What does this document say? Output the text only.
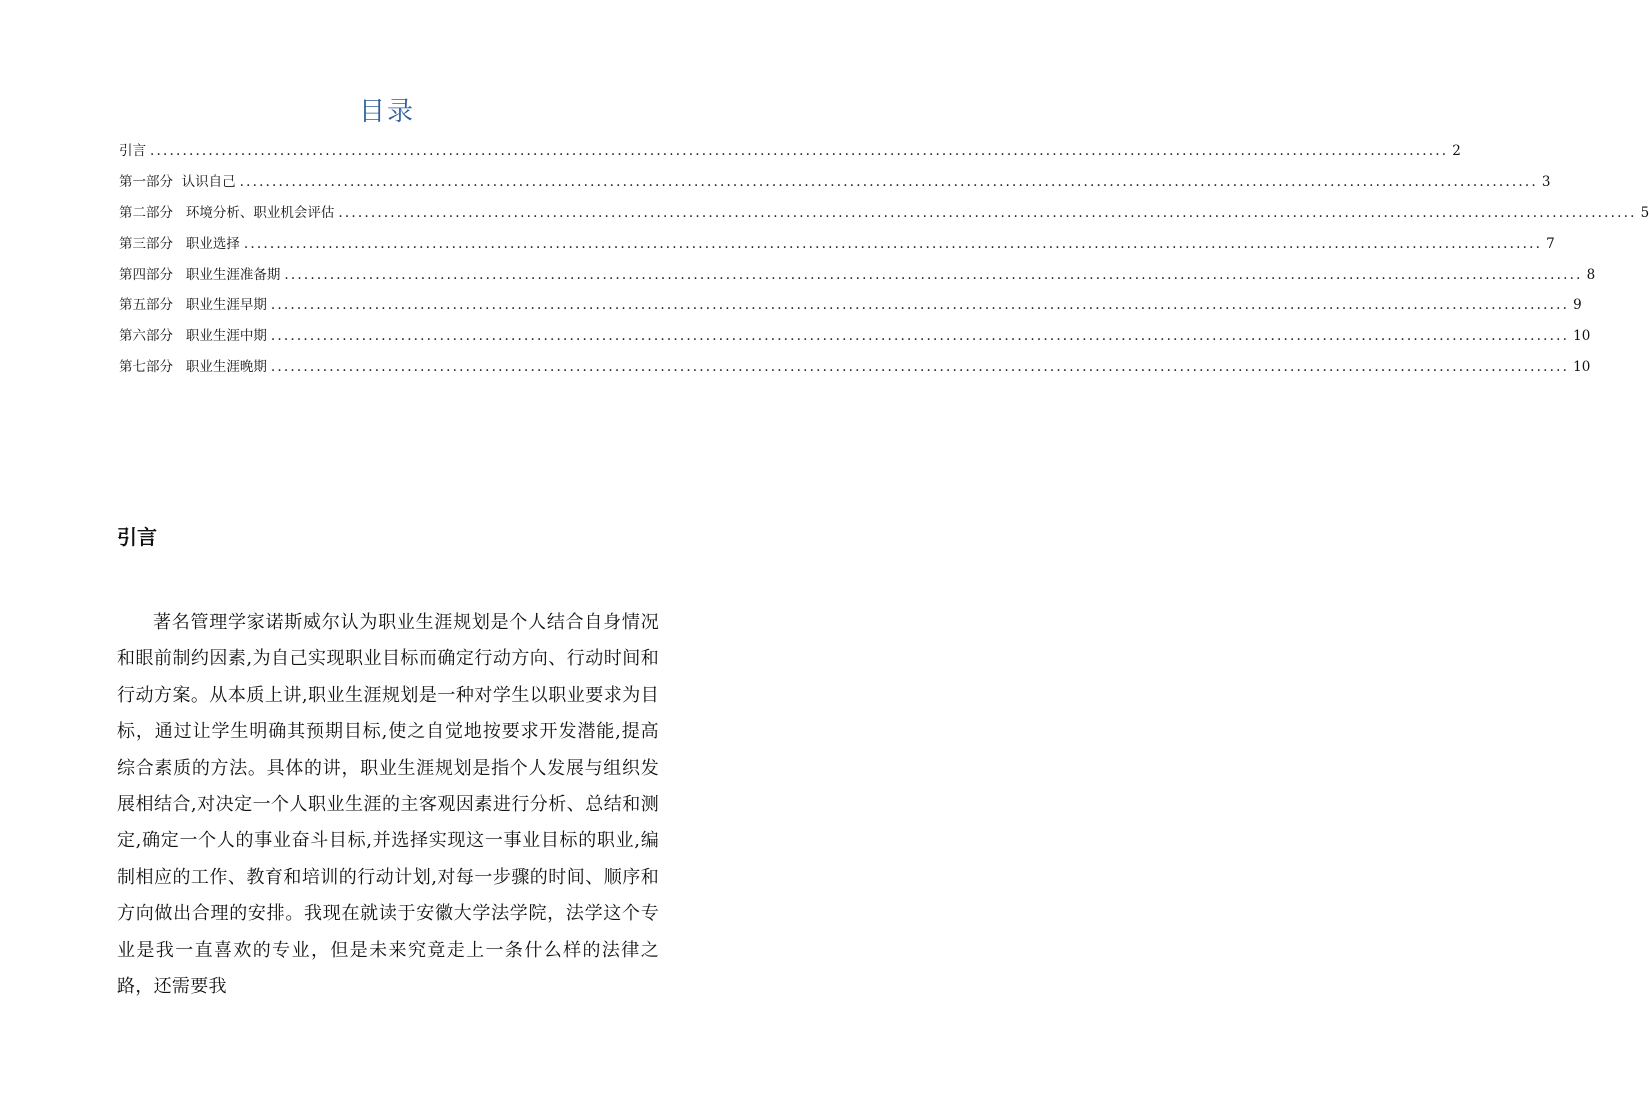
目录
引言 ........................................................................................................................................................................................................ 2
第一部分  认识自己 ........................................................................................................................................................................................................ 3
第二部分   环境分析、职业机会评估 ........................................................................................................................................................................................................ 5
第三部分   职业选择 ........................................................................................................................................................................................................ 7
第四部分   职业生涯准备期 ........................................................................................................................................................................................................ 8
第五部分   职业生涯早期 ........................................................................................................................................................................................................ 9
第六部分   职业生涯中期 ........................................................................................................................................................................................................ 10
第七部分   职业生涯晚期 ........................................................................................................................................................................................................ 10
引言

著名管理学家诺斯威尔认为职业生涯规划是个人结合自身情况和眼前制约因素,为自己实现职业目标而确定行动方向、行动时间和行动方案。从本质上讲,职业生涯规划是一种对学生以职业要求为目标，通过让学生明确其预期目标,使之自觉地按要求开发潜能,提高综合素质的方法。具体的讲，职业生涯规划是指个人发展与组织发展相结合,对决定一个人职业生涯的主客观因素进行分析、总结和测定,确定一个人的事业奋斗目标,并选择实现这一事业目标的职业,编制相应的工作、教育和培训的行动计划,对每一步骤的时间、顺序和方向做出合理的安排。我现在就读于安徽大学法学院，法学这个专业是我一直喜欢的专业，但是未来究竟走上一条什么样的法律之路，还需要我
